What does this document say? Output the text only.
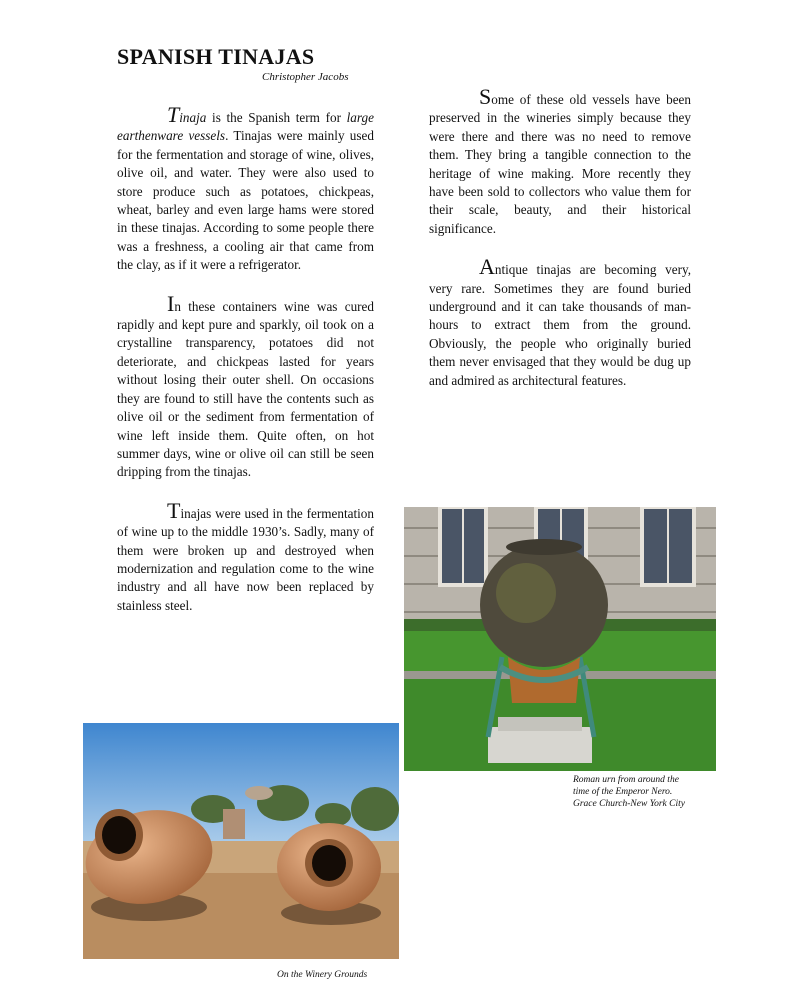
SPANISH TINAJAS
Christopher Jacobs

Tinaja is the Spanish term for large earthenware vessels. Tinajas were mainly used for the fermentation and storage of wine, olives, olive oil, and water. They were also used to store produce such as potatoes, chickpeas, wheat, barley and even large hams were stored in these tinajas. According to some people there was a freshness, a cooling air that came from the clay, as if it were a refrigerator.

In these containers wine was cured rapidly and kept pure and sparkly, oil took on a crystalline transparency, potatoes did not deteriorate, and chickpeas lasted for years without losing their outer shell. On occasions they are found to still have the contents such as olive oil or the sediment from fermentation of wine left inside them. Quite often, on hot summer days, wine or olive oil can still be seen dripping from the tinajas.

Tinajas were used in the fermentation of wine up to the middle 1930’s. Sadly, many of them were broken up and destroyed when modernization and regulation come to the wine industry and all have now been replaced by stainless steel.

Some of these old vessels have been preserved in the wineries simply because they were there and there was no need to remove them. They bring a tangible connection to the heritage of wine making. More recently they have been sold to collectors who value them for their scale, beauty, and their historical significance.

Antique tinajas are becoming very, very rare. Sometimes they are found buried underground and it can take thousands of man-hours to extract them from the ground. Obviously, the people who originally buried them never envisaged that they would be dug up and admired as architectural features.

Roman urn from around the
time of the Emperor Nero.
Grace Church-New York City
On the Winery Grounds
